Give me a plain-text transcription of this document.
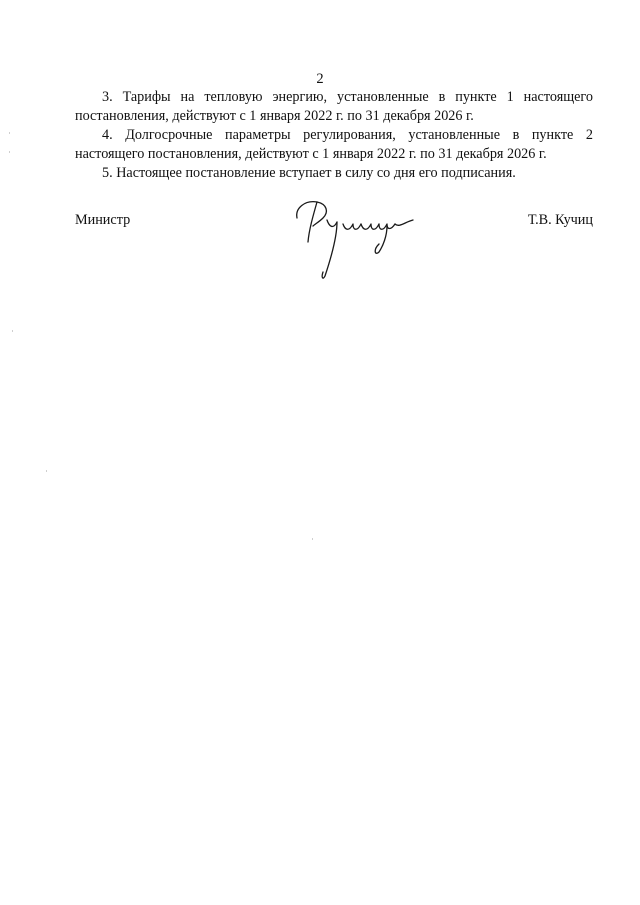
2

3. Тарифы на тепловую энергию, установленные в пункте 1 настоящего постановления, действуют с 1 января 2022 г. по 31 декабря 2026 г.

4. Долгосрочные параметры регулирования, установленные в пункте 2 настоящего постановления, действуют с 1 января 2022 г. по 31 декабря 2026 г.

5. Настоящее постановление вступает в силу со дня его подписания.

Министр	Т.В. Кучиц
